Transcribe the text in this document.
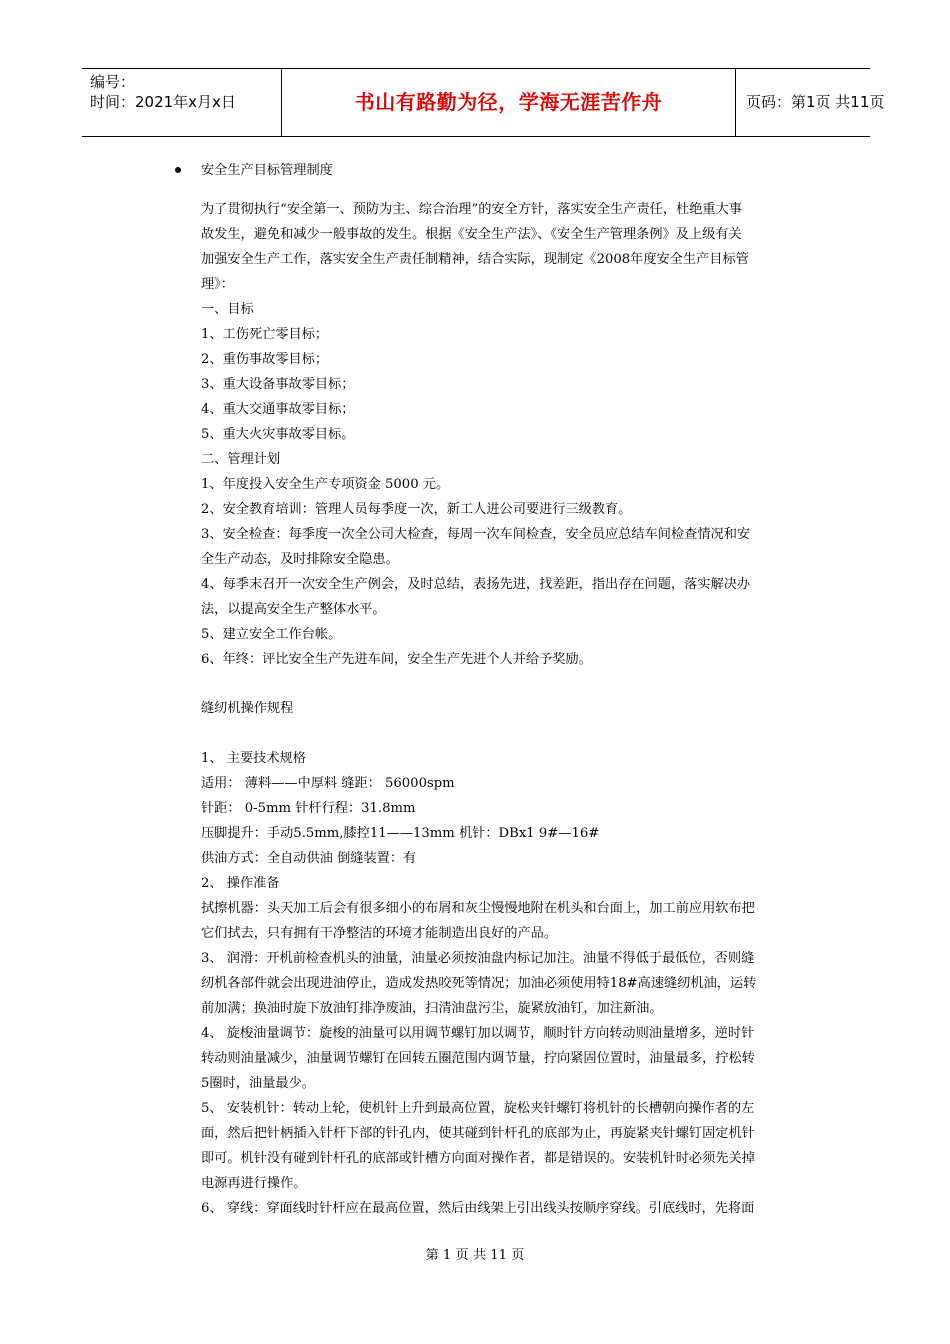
编号：
时间：2021年x月x日	书山有路勤为径，学海无涯苦作舟	页码：第1页 共11页
安全生产目标管理制度
为了贯彻执行“安全第一、预防为主、综合治理”的安全方针，落实安全生产责任，杜绝重大事
故发生，避免和减少一般事故的发生。根据《安全生产法》、《安全生产管理条例》及上级有关
加强安全生产工作，落实安全生产责任制精神，结合实际，现制定《2008年度安全生产目标管
理》：
一、目标
1、工伤死亡零目标；
2、重伤事故零目标；
3、重大设备事故零目标；
4、重大交通事故零目标；
5、重大火灾事故零目标。
二、管理计划
1、年度投入安全生产专项资金 5000 元。
2、安全教育培训：管理人员每季度一次，新工人进公司要进行三级教育。
3、安全检查：每季度一次全公司大检查，每周一次车间检查，安全员应总结车间检查情况和安
全生产动态，及时排除安全隐患。
4、每季末召开一次安全生产例会，及时总结，表扬先进，找差距，指出存在问题，落实解决办
法，以提高安全生产整体水平。
5、建立安全工作台帐。
6、年终：评比安全生产先进车间，安全生产先进个人并给予奖励。
缝纫机操作规程
1、 主要技术规格
适用： 薄料——中厚料 缝距： 56000spm
针距： 0-5mm 针杆行程：31.8mm
压脚提升：手动5.5mm,膝控11——13mm 机针：DBx1 9#—16#
供油方式：全自动供油 倒缝装置：有
2、 操作准备
拭擦机器：头天加工后会有很多细小的布屑和灰尘慢慢地附在机头和台面上，加工前应用软布把
它们拭去，只有拥有干净整洁的环境才能制造出良好的产品。
3、 润滑：开机前检查机头的油量，油量必须按油盘内标记加注。油量不得低于最低位，否则缝
纫机各部件就会出现进油停止，造成发热咬死等情况；加油必须使用特18#高速缝纫机油，运转
前加满；换油时旋下放油钉排净废油，扫清油盘污尘，旋紧放油钉，加注新油。
4、 旋梭油量调节：旋梭的油量可以用调节螺钉加以调节，顺时针方向转动则油量增多，逆时针
转动则油量减少，油量调节螺钉在回转五圈范围内调节量，拧向紧固位置时，油量最多，拧松转
5圈时，油量最少。
5、 安装机针：转动上轮，使机针上升到最高位置，旋松夹针螺钉将机针的长槽朝向操作者的左
面，然后把针柄插入针杆下部的针孔内，使其碰到针杆孔的底部为止，再旋紧夹针螺钉固定机针
即可。机针没有碰到针杆孔的底部或针槽方向面对操作者，都是错误的。安装机针时必须先关掉
电源再进行操作。
6、 穿线：穿面线时针杆应在最高位置，然后由线架上引出线头按顺序穿线。引底线时，先将面
第 1 页 共 11 页
